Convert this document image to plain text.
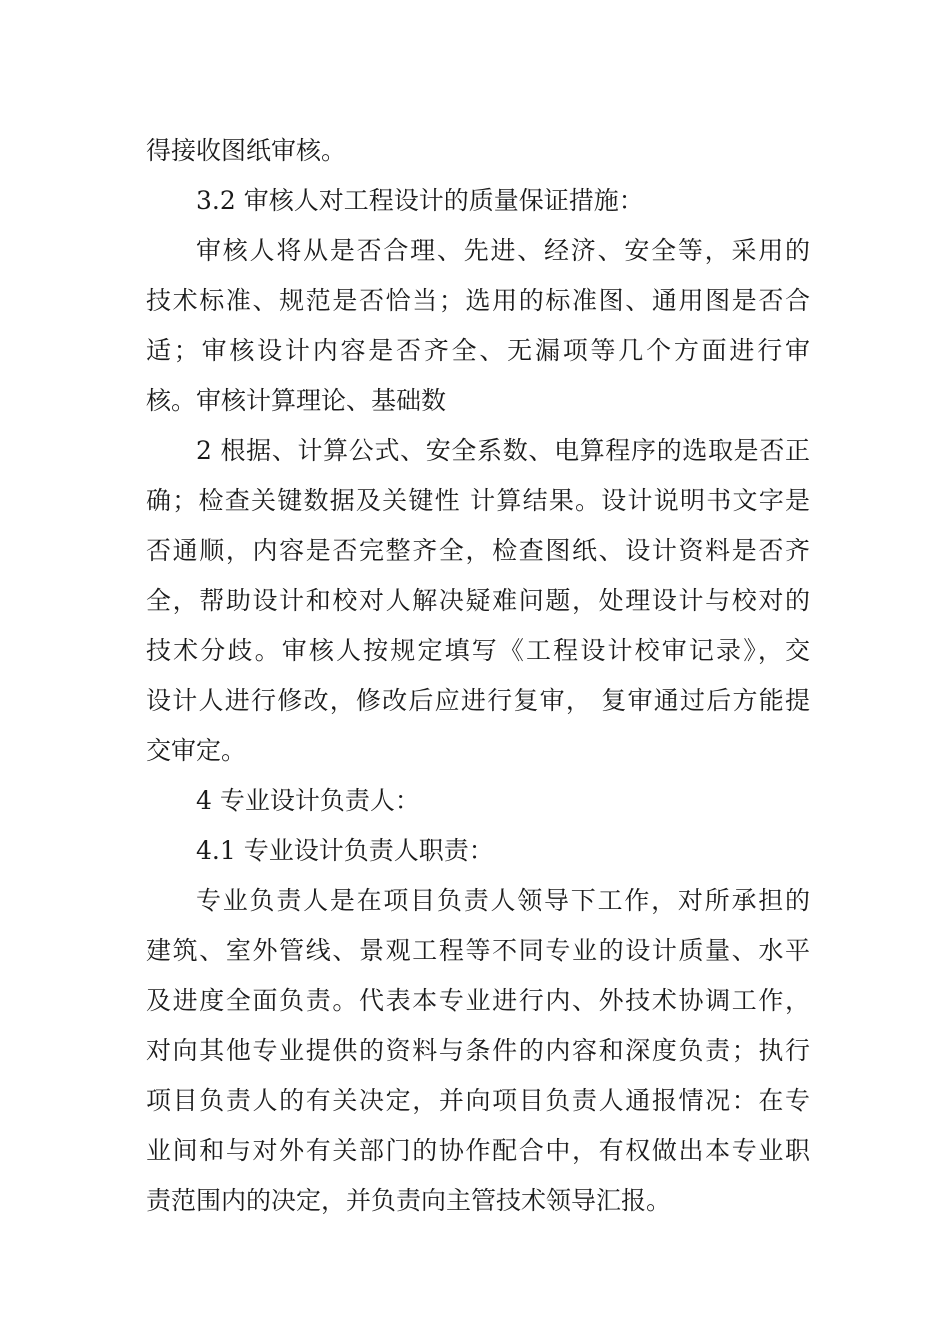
得接收图纸审核。
3.2 审核人对工程设计的质量保证措施：
审核人将从是否合理、先进、经济、安全等，采用的
技术标准、规范是否恰当；选用的标准图、通用图是否合
适；审核设计内容是否齐全、无漏项等几个方面进行审
核。审核计算理论、基础数
2 根据、计算公式、安全系数、电算程序的选取是否正
确；检查关键数据及关键性 计算结果。设计说明书文字是
否通顺，内容是否完整齐全，检查图纸、设计资料是否齐
全，帮助设计和校对人解决疑难问题，处理设计与校对的
技术分歧。审核人按规定填写《工程设计校审记录》，交
设计人进行修改，修改后应进行复审， 复审通过后方能提
交审定。
4 专业设计负责人：
4.1 专业设计负责人职责：
专业负责人是在项目负责人领导下工作，对所承担的
建筑、室外管线、景观工程等不同专业的设计质量、水平
及进度全面负责。代表本专业进行内、外技术协调工作，
对向其他专业提供的资料与条件的内容和深度负责；执行
项目负责人的有关决定，并向项目负责人通报情况：在专
业间和与对外有关部门的协作配合中，有权做出本专业职
责范围内的决定，并负责向主管技术领导汇报。
